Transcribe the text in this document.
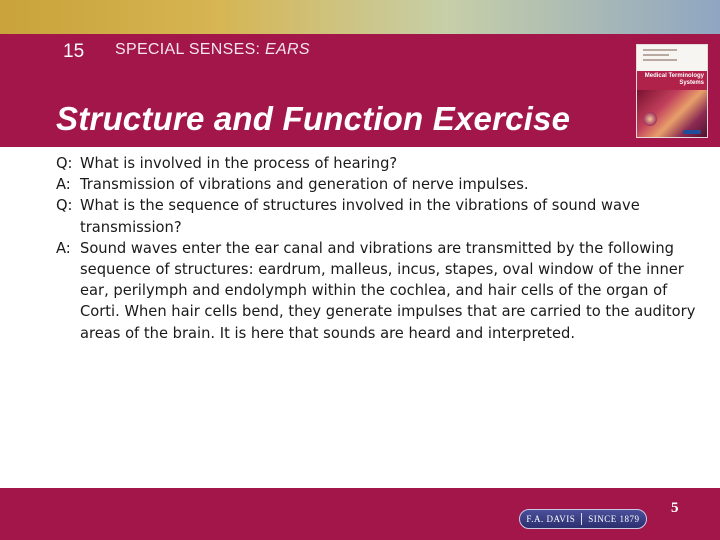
15 SPECIAL SENSES: EARS
Structure and Function Exercise
Medical Terminology
Systems
Q: What is involved in the process of hearing?
A: Transmission of vibrations and generation of nerve impulses.
Q: What is the sequence of structures involved in the vibrations of sound wave transmission?
A: Sound waves enter the ear canal and vibrations are transmitted by the following sequence of structures: eardrum, malleus, incus, stapes, oval window of the inner ear, perilymph and endolymph within the cochlea, and hair cells of the organ of Corti. When hair cells bend, they generate impulses that are carried to the auditory areas of the brain. It is here that sounds are heard and interpreted.
F.A. DAVIS SINCE 1879
5
